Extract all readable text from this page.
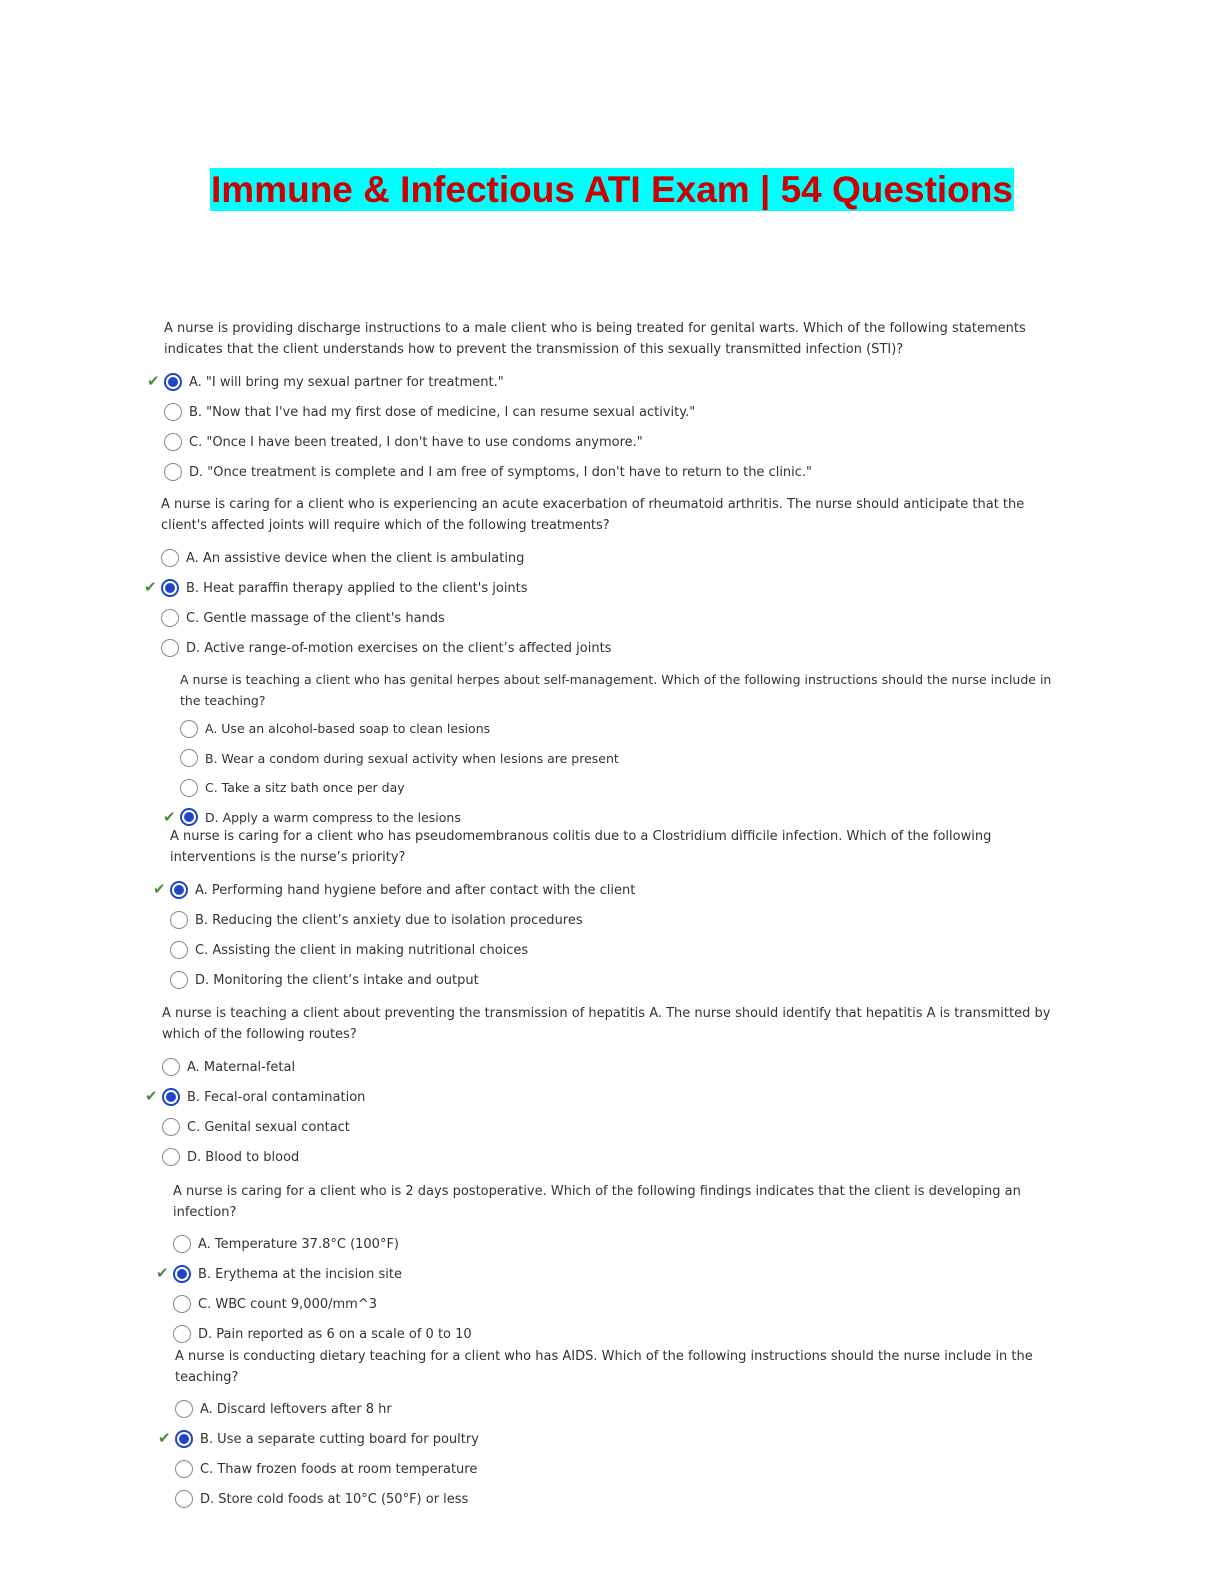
Immune & Infectious ATI Exam | 54 Questions

A nurse is providing discharge instructions to a male client who is being treated for genital warts. Which of the following statements indicates that the client understands how to prevent the transmission of this sexually transmitted infection (STI)?

✔ A. "I will bring my sexual partner for treatment."
B. "Now that I've had my first dose of medicine, I can resume sexual activity."
C. "Once I have been treated, I don't have to use condoms anymore."
D. "Once treatment is complete and I am free of symptoms, I don't have to return to the clinic."

A nurse is caring for a client who is experiencing an acute exacerbation of rheumatoid arthritis. The nurse should anticipate that the client's affected joints will require which of the following treatments?

A. An assistive device when the client is ambulating
✔ B. Heat paraffin therapy applied to the client's joints
C. Gentle massage of the client's hands
D. Active range-of-motion exercises on the client’s affected joints

A nurse is teaching a client who has genital herpes about self-management. Which of the following instructions should the nurse include in the teaching?

A. Use an alcohol-based soap to clean lesions
B. Wear a condom during sexual activity when lesions are present
C. Take a sitz bath once per day
✔ D. Apply a warm compress to the lesions

A nurse is caring for a client who has pseudomembranous colitis due to a Clostridium difficile infection. Which of the following interventions is the nurse’s priority?

✔ A. Performing hand hygiene before and after contact with the client
B. Reducing the client’s anxiety due to isolation procedures
C. Assisting the client in making nutritional choices
D. Monitoring the client’s intake and output

A nurse is teaching a client about preventing the transmission of hepatitis A. The nurse should identify that hepatitis A is transmitted by which of the following routes?

A. Maternal-fetal
✔ B. Fecal-oral contamination
C. Genital sexual contact
D. Blood to blood

A nurse is caring for a client who is 2 days postoperative. Which of the following findings indicates that the client is developing an infection?

A. Temperature 37.8°C (100°F)
✔ B. Erythema at the incision site
C. WBC count 9,000/mm^3
D. Pain reported as 6 on a scale of 0 to 10

A nurse is conducting dietary teaching for a client who has AIDS. Which of the following instructions should the nurse include in the teaching?

A. Discard leftovers after 8 hr
✔ B. Use a separate cutting board for poultry
C. Thaw frozen foods at room temperature
D. Store cold foods at 10°C (50°F) or less
